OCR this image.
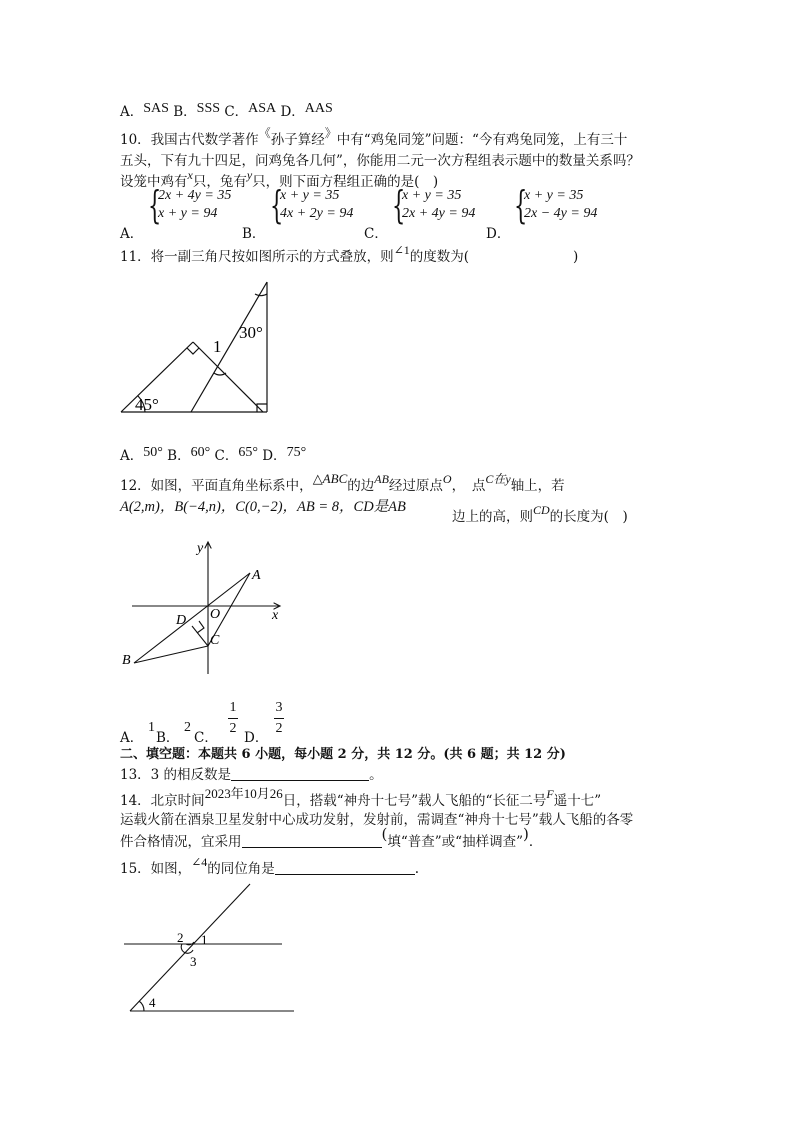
A．SAS B．SSS C．ASA D．AAS
10．我国古代数学著作《孙子算经》中有“鸡兔同笼”问题：“今有鸡兔同笼，上有三十
五头，下有九十四足，问鸡兔各几何”，你能用二元一次方程组表示题中的数量关系吗？
设笼中鸡有x只，兔有y只，则下面方程组正确的是(　)
A．
{
2x + 4y = 35
x + y = 94
B．
{
x + y = 35
4x + 2y = 94
C．
{
x + y = 35
2x + 4y = 94
D．
{
x + y = 35
2x − 4y = 94
11．将一副三角尺按如图所示的方式叠放，则∠1的度数为(	)
1
30°
45°
A．50° B．60° C．65° D．75°
12．如图，平面直角坐标系中，△ABC的边AB经过原点O，　点C在y轴上，若
A(2,m)，B(−4,n)，C(0,−2)，AB = 8，CD是AB
边上的高，则CD的长度为(　)
y
x
A
B
C
D O
A．
1
B．
2
C．
1
2
D．
3
2
二、填空题：本题共 6 小题，每小题 2 分，共 12 分。(共 6 题；共 12 分)
13．3 的相反数是	。
14．北京时间2023年10月26日，搭载“神舟十七号”载人飞船的“长征二号F遥十七”
运载火箭在酒泉卫星发射中心成功发射，发射前，需调查“神舟十七号”载人飞船的各零
件合格情况，宜采用	(填“普查”或“抽样调查”)．
15．如图，∠4的同位角是	.
2 1
3
4
